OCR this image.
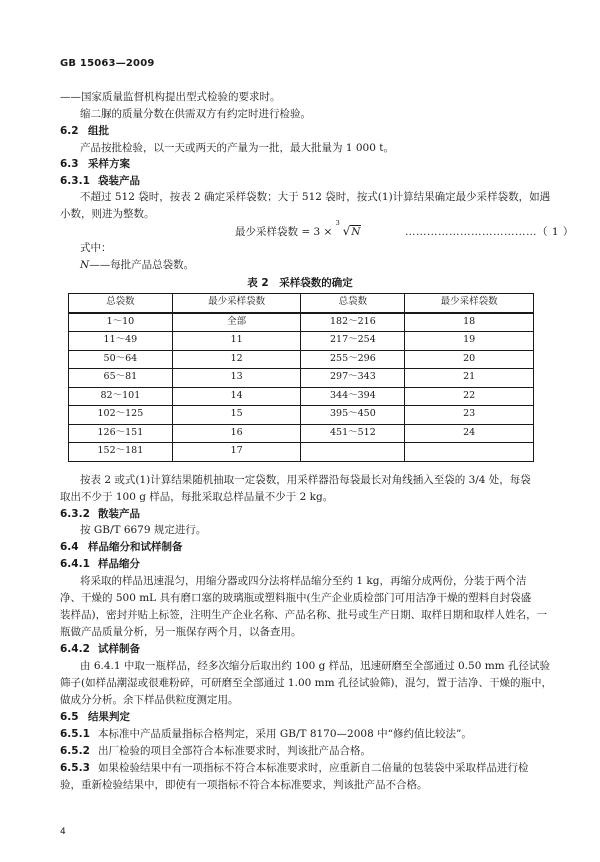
GB 15063—2009
——国家质量监督机构提出型式检验的要求时。
缩二脲的质量分数在供需双方有约定时进行检验。
6.2 组批
产品按批检验，以一天或两天的产量为一批，最大批量为 1 000 t。
6.3 采样方案
6.3.1 袋装产品
不超过 512 袋时，按表 2 确定采样袋数；大于 512 袋时，按式(1)计算结果确定最少采样袋数，如遇
小数，则进为整数。
最少采样袋数 = 3 ×
3
√N	………………………………（ 1 ）
式中：
N——每批产品总袋数。
表 2　采样袋数的确定
总袋数	最少采样袋数	总袋数	最少采样袋数
1～10	全部	182～216	18
11～49	11	217～254	19
50～64	12	255～296	20
65～81	13	297～343	21
82～101	14	344～394	22
102～125	15	395～450	23
126～151	16	451～512	24
152～181	17		
按表 2 或式(1)计算结果随机抽取一定袋数，用采样器沿每袋最长对角线插入至袋的 3/4 处，每袋
取出不少于 100 g 样品，每批采取总样品量不少于 2 kg。
6.3.2 散装产品
按 GB/T 6679 规定进行。
6.4 样品缩分和试样制备
6.4.1 样品缩分
将采取的样品迅速混匀，用缩分器或四分法将样品缩分至约 1 kg，再缩分成两份，分装于两个洁
净、干燥的 500 mL 具有磨口塞的玻璃瓶或塑料瓶中(生产企业质检部门可用洁净干燥的塑料自封袋盛
装样品)，密封并贴上标签，注明生产企业名称、产品名称、批号或生产日期、取样日期和取样人姓名，一
瓶做产品质量分析，另一瓶保存两个月，以备查用。
6.4.2 试样制备
由 6.4.1 中取一瓶样品，经多次缩分后取出约 100 g 样品，迅速研磨至全部通过 0.50 mm 孔径试验
筛子(如样品潮湿或很难粉碎，可研磨至全部通过 1.00 mm 孔径试验筛)，混匀，置于洁净、干燥的瓶中，
做成分分析。余下样品供粒度测定用。
6.5 结果判定
6.5.1 本标准中产品质量指标合格判定，采用 GB/T 8170—2008 中“修约值比较法”。
6.5.2 出厂检验的项目全部符合本标准要求时，判该批产品合格。
6.5.3 如果检验结果中有一项指标不符合本标准要求时，应重新自二倍量的包装袋中采取样品进行检
验，重新检验结果中，即使有一项指标不符合本标准要求，判该批产品不合格。
4
